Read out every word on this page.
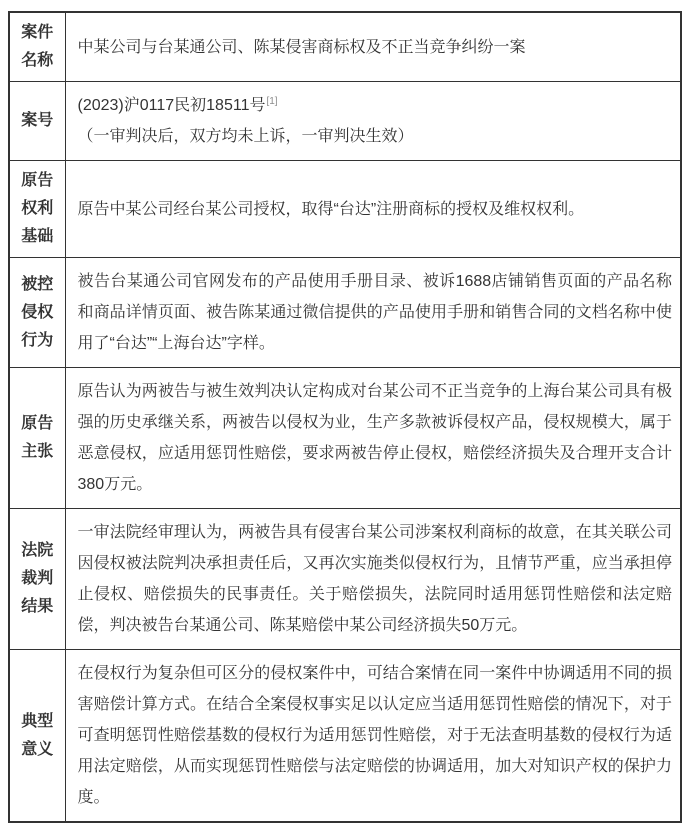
案件名称	中某公司与台某通公司、陈某侵害商标权及不正当竞争纠纷一案
案号	(2023)沪0117民初18511号[1]
（一审判决后，双方均未上诉，一审判决生效）

原告权利基础	原告中某公司经台某公司授权，取得“台达”注册商标的授权及维权权利。
被控侵权行为	被告台某通公司官网发布的产品使用手册目录、被诉1688店铺销售页面的产品名称和商品详情页面、被告陈某通过微信提供的产品使用手册和销售合同的文档名称中使用了“台达”“上海台达”字样。
原告主张	原告认为两被告与被生效判决认定构成对台某公司不正当竞争的上海台某公司具有极强的历史承继关系，两被告以侵权为业，生产多款被诉侵权产品，侵权规模大，属于恶意侵权，应适用惩罚性赔偿，要求两被告停止侵权，赔偿经济损失及合理开支合计380万元。
法院裁判结果	一审法院经审理认为，两被告具有侵害台某公司涉案权利商标的故意，在其关联公司因侵权被法院判决承担责任后，又再次实施类似侵权行为，且情节严重，应当承担停止侵权、赔偿损失的民事责任。关于赔偿损失，法院同时适用惩罚性赔偿和法定赔偿，判决被告台某通公司、陈某赔偿中某公司经济损失50万元。
典型意义	在侵权行为复杂但可区分的侵权案件中，可结合案情在同一案件中协调适用不同的损害赔偿计算方式。在结合全案侵权事实足以认定应当适用惩罚性赔偿的情况下，对于可查明惩罚性赔偿基数的侵权行为适用惩罚性赔偿，对于无法查明基数的侵权行为适用法定赔偿，从而实现惩罚性赔偿与法定赔偿的协调适用，加大对知识产权的保护力度。
